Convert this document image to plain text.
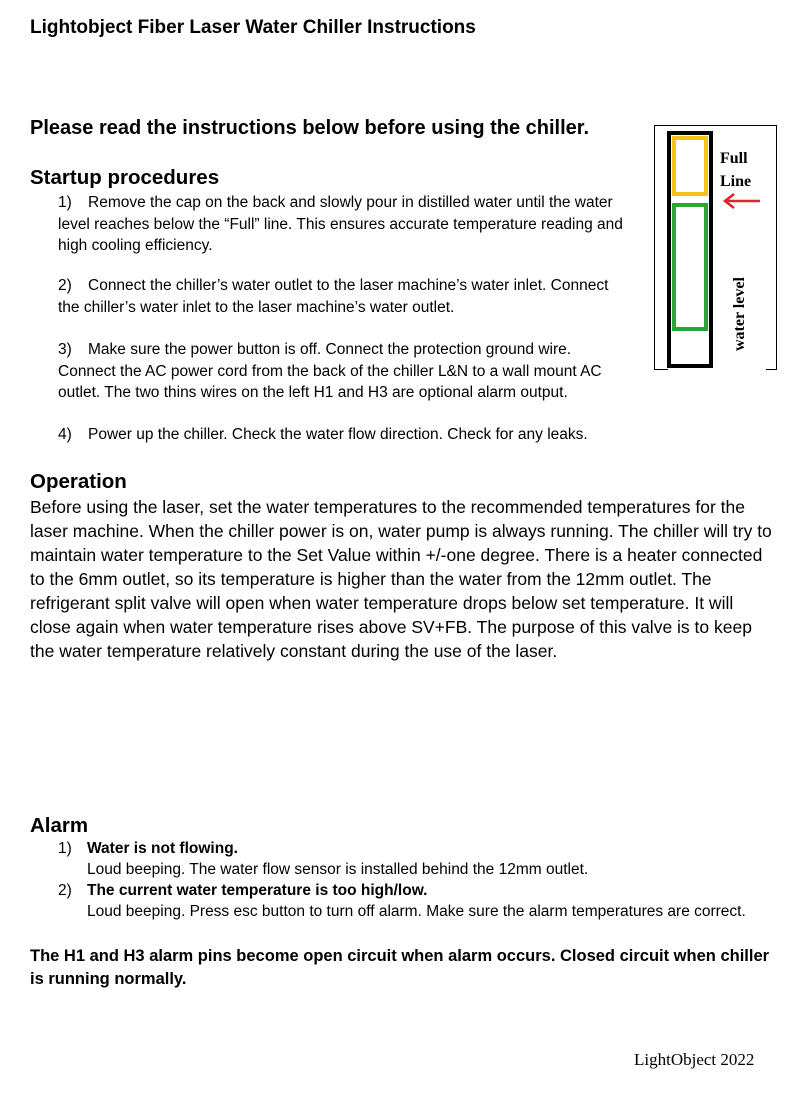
Lightobject Fiber Laser Water Chiller Instructions
Please read the instructions below before using the chiller.
Startup procedures
1) Remove the cap on the back and slowly pour in distilled water until the water
level reaches below the “Full” line. This ensures accurate temperature reading and high cooling efficiency.
2) Connect the chiller’s water outlet to the laser machine’s water inlet. Connect
the chiller’s water inlet to the laser machine’s water outlet.
3) Make sure the power button is off. Connect the protection ground wire.
Connect the AC power cord from the back of the chiller L&N to a wall mount AC outlet. The two thins wires on the left H1 and H3 are optional alarm output.
4) Power up the chiller. Check the water flow direction. Check for any leaks.
Full
Line
water level
Operation
Before using the laser, set the water temperatures to the recommended temperatures for the laser machine. When the chiller power is on, water pump is always running. The chiller will try to maintain water temperature to the Set Value within +/-one degree. There is a heater connected to the 6mm outlet, so its temperature is higher than the water from the 12mm outlet. The refrigerant split valve will open when water temperature drops below set temperature. It will close again when water temperature rises above SV+FB. The purpose of this valve is to keep the water temperature relatively constant during the use of the laser.
Alarm
1) Water is not flowing.
Loud beeping. The water flow sensor is installed behind the 12mm outlet.
2) The current water temperature is too high/low.
Loud beeping. Press esc button to turn off alarm. Make sure the alarm temperatures are correct.
The H1 and H3 alarm pins become open circuit when alarm occurs. Closed circuit when chiller is running normally.
LightObject 2022
